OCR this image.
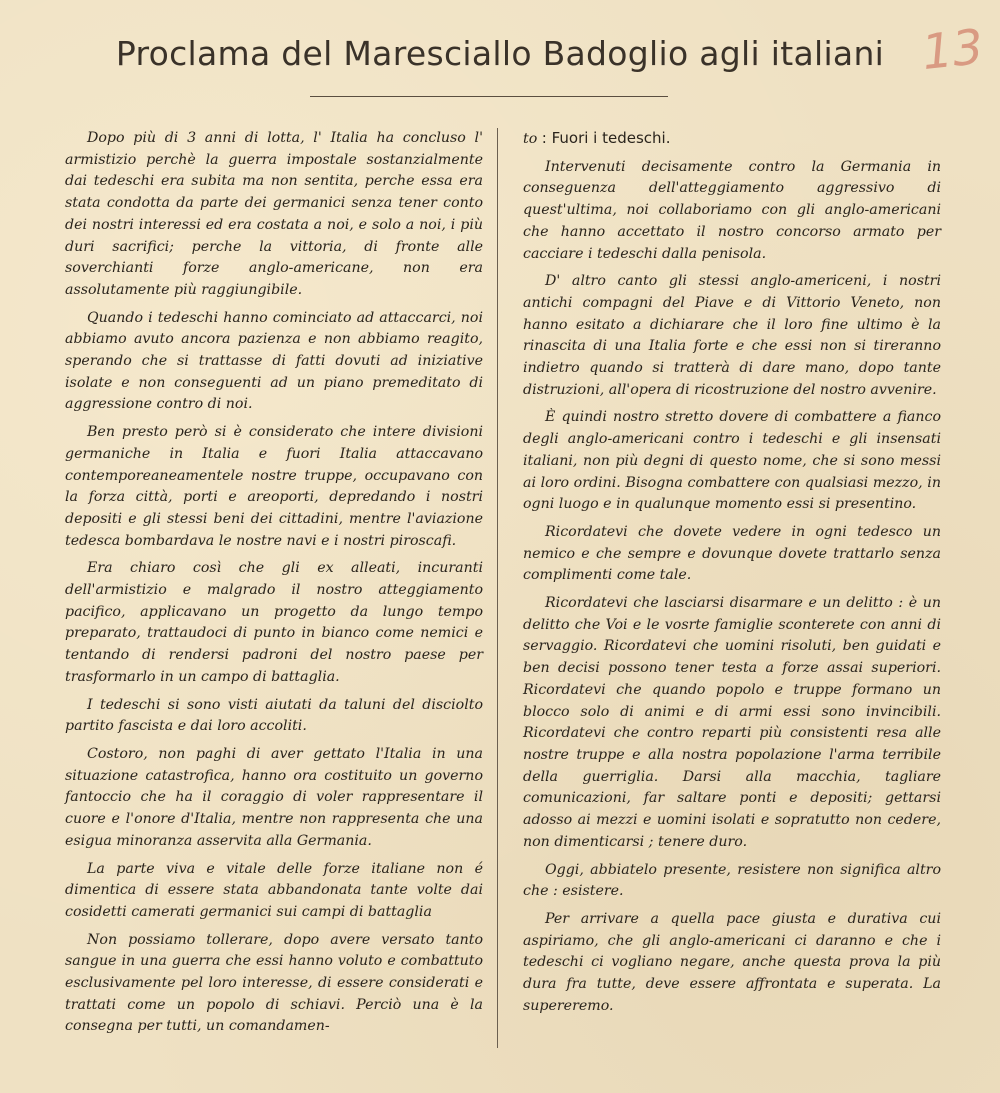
Proclama del Maresciallo Badoglio agli italiani 13

Dopo più di 3 anni di lotta, l' Italia ha concluso l' armistizio perchè la guerra impostale sostanzialmente dai tedeschi era subita ma non sentita, perche essa era stata condotta da parte dei germanici senza tener conto dei nostri interessi ed era costata a noi, e solo a noi, i più duri sacrifici; perche la vittoria, di fronte alle soverchianti forze anglo-americane, non era assolutamente più raggiungibile.

Quando i tedeschi hanno cominciato ad attaccarci, noi abbiamo avuto ancora pazienza e non abbiamo reagito, sperando che si trattasse di fatti dovuti ad iniziative isolate e non conseguenti ad un piano premeditato di aggressione contro di noi.

Ben presto però si è considerato che intere divisioni germaniche in Italia e fuori Italia attaccavano contemporeaneamentele nostre truppe, occupavano con la forza città, porti e areoporti, depredando i nostri depositi e gli stessi beni dei cittadini, mentre l'aviazione tedesca bombardava le nostre navi e i nostri piroscafi.

Era chiaro così che gli ex alleati, incuranti dell'armistizio e malgrado il nostro atteggiamento pacifico, applicavano un progetto da lungo tempo preparato, trattaudoci di punto in bianco come nemici e tentando di rendersi padroni del nostro paese per trasformarlo in un campo di battaglia.

I tedeschi si sono visti aiutati da taluni del disciolto partito fascista e dai loro accoliti.

Costoro, non paghi di aver gettato l'Italia in una situazione catastrofica, hanno ora costituito un governo fantoccio che ha il coraggio di voler rappresentare il cuore e l'onore d'Italia, mentre non rappresenta che una esigua minoranza asservita alla Germania.

La parte viva e vitale delle forze italiane non é dimentica di essere stata abbandonata tante volte dai cosidetti camerati germanici sui campi di battaglia

Non possiamo tollerare, dopo avere versato tanto sangue in una guerra che essi hanno voluto e combattuto esclusivamente pel loro interesse, di essere considerati e trattati come un popolo di schiavi. Perciò una è la consegna per tutti, un comandamen-

to : Fuori i tedeschi.

Intervenuti decisamente contro la Germania in conseguenza dell'atteggiamento aggressivo di quest'ultima, noi collaboriamo con gli anglo-americani che hanno accettato il nostro concorso armato per cacciare i tedeschi dalla penisola.

D' altro canto gli stessi anglo-americeni, i nostri antichi compagni del Piave e di Vittorio Veneto, non hanno esitato a dichiarare che il loro fine ultimo è la rinascita di una Italia forte e che essi non si tireranno indietro quando si tratterà di dare mano, dopo tante distruzioni, all'opera di ricostruzione del nostro avvenire.

È quindi nostro stretto dovere di combattere a fianco degli anglo-americani contro i tedeschi e gli insensati italiani, non più degni di questo nome, che si sono messi ai loro ordini. Bisogna combattere con qualsiasi mezzo, in ogni luogo e in qualunque momento essi si presentino.

Ricordatevi che dovete vedere in ogni tedesco un nemico e che sempre e dovunque dovete trattarlo senza complimenti come tale.

Ricordatevi che lasciarsi disarmare e un delitto : è un delitto che Voi e le vosrte famiglie sconterete con anni di servaggio. Ricordatevi che uomini risoluti, ben guidati e ben decisi possono tener testa a forze assai superiori. Ricordatevi che quando popolo e truppe formano un blocco solo di animi e di armi essi sono invincibili. Ricordatevi che contro reparti più consistenti resa alle nostre truppe e alla nostra popolazione l'arma terribile della guerriglia. Darsi alla macchia, tagliare comunicazioni, far saltare ponti e depositi; gettarsi adosso ai mezzi e uomini isolati e sopratutto non cedere, non dimenticarsi ; tenere duro.

Oggi, abbiatelo presente, resistere non significa altro che : esistere.

Per arrivare a quella pace giusta e durativa cui aspiriamo, che gli anglo-americani ci daranno e che i tedeschi ci vogliano negare, anche questa prova la più dura fra tutte, deve essere affrontata e superata. La supereremo.
